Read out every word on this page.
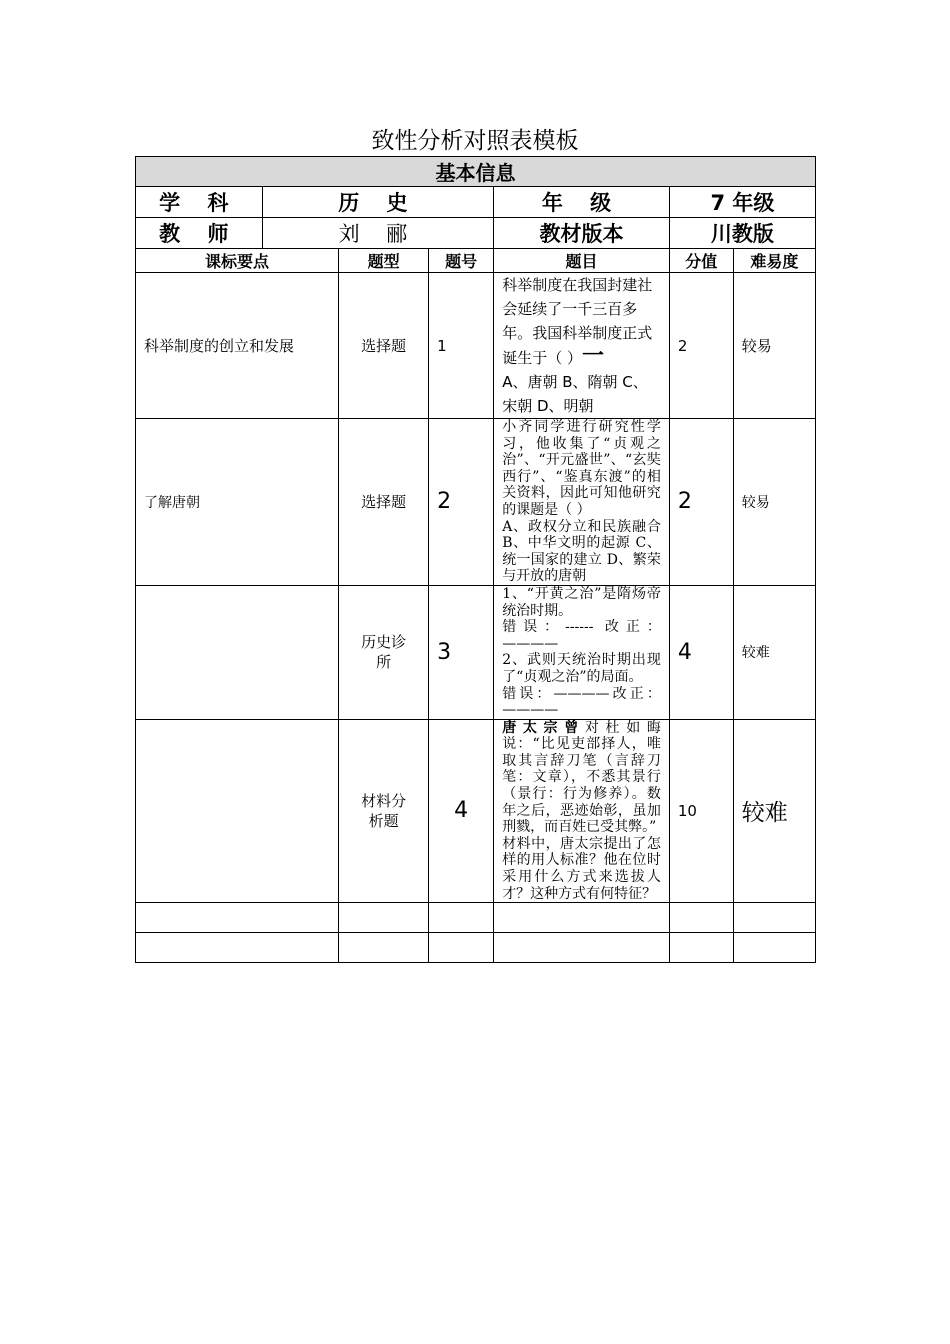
致性分析对照表模板
基本信息						
学 科	历 史			年 级	7 年级	
教 师	刘 郦			教材版本	川教版	
课标要点		题型	题号	题目	分值	难易度
科举制度的创立和发展		选择题	1	科举制度在我国封建社会延续了一千三百多年。我国科举制度正式诞生于（ ）一
A、唐朝 B、隋朝 C、宋朝 D、明朝	2	较易
了解唐朝		选择题	2	小齐同学进行研究性学习，他收集了“贞观之治”、“开元盛世”、“玄奘西行”、“鉴真东渡”的相关资料，因此可知他研究的课题是（ ）
A、政权分立和民族融合 B、中华文明的起源 C、统一国家的建立 D、繁荣与开放的唐朝	2	较易
		历史诊所	3	1、“开黄之治”是隋炀帝统治时期。
错误：------ 改正：————
2、武则天统治时期出现了“贞观之治”的局面。
错误：————改正：————	4	较难
		材料分析题	4	唐太宗曾对杜如晦说：“比见吏部择人，唯取其言辞刀笔（言辞刀笔：文章），不悉其景行（景行：行为修养）。数年之后，恶迹始彰，虽加刑戮，而百姓已受其弊。”
材料中，唐太宗提出了怎样的用人标准？他在位时采用什么方式来选拔人才？这种方式有何特征？	10	较难
